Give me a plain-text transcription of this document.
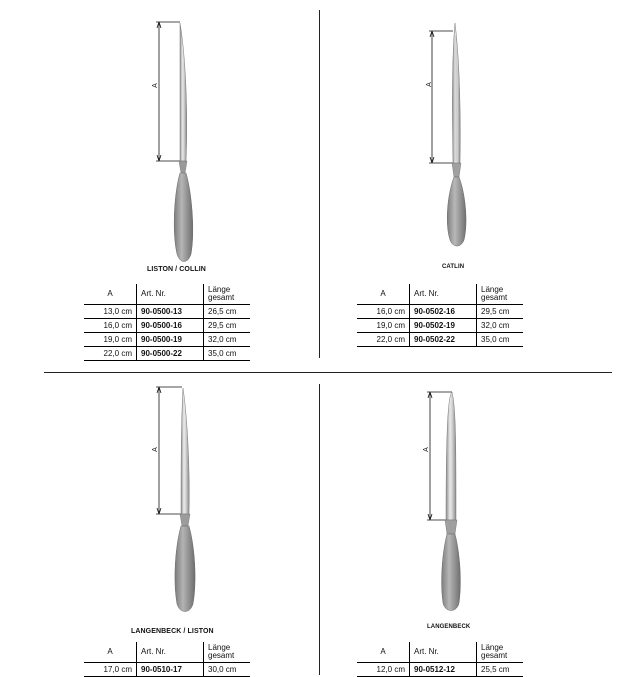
A
LISTON / COLLIN
A	Art. Nr.	Länge
gesamt

13,0 cm	90-0500-13	26,5 cm
16,0 cm	90-0500-16	29,5 cm
19,0 cm	90-0500-19	32,0 cm
22,0 cm	90-0500-22	35,0 cm
A
CATLIN
A	Art. Nr.	Länge
gesamt

16,0 cm	90-0502-16	29,5 cm
19,0 cm	90-0502-19	32,0 cm
22,0 cm	90-0502-22	35,0 cm
A
LANGENBECK / LISTON
A	Art. Nr.	Länge
gesamt

17,0 cm	90-0510-17	30,0 cm
A
LANGENBECK
A	Art. Nr.	Länge
gesamt

12,0 cm	90-0512-12	25,5 cm
